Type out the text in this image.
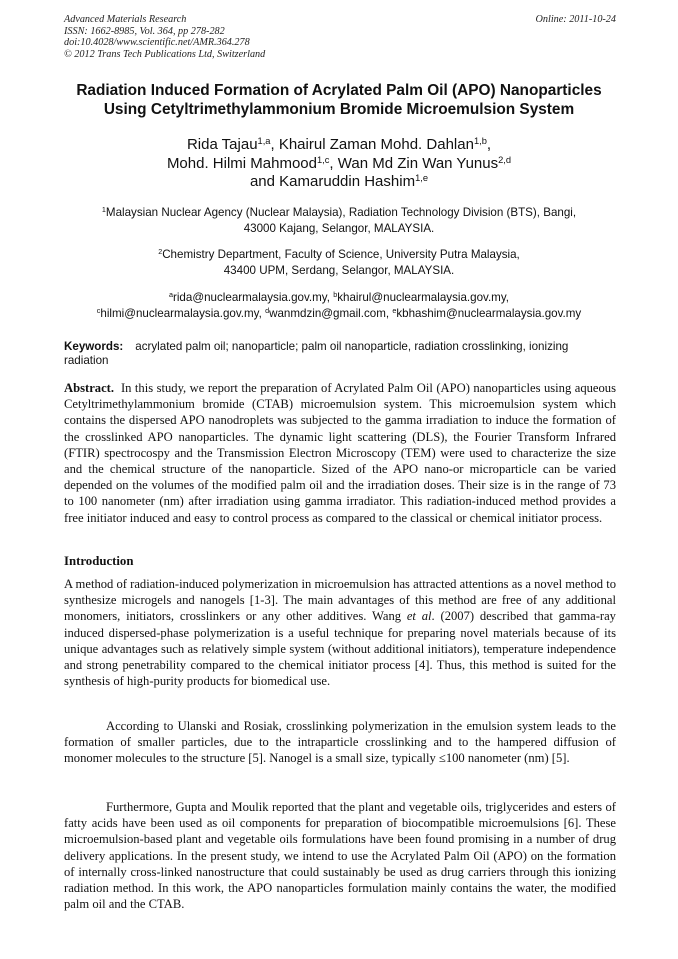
Advanced Materials Research
ISSN: 1662-8985, Vol. 364, pp 278-282
doi:10.4028/www.scientific.net/AMR.364.278
© 2012 Trans Tech Publications Ltd, Switzerland
Online: 2011-10-24
Radiation Induced Formation of Acrylated Palm Oil (APO) Nanoparticles
Using Cetyltrimethylammonium Bromide Microemulsion System
Rida Tajau$^{1,a}$, Khairul Zaman Mohd. Dahlan$^{1,b}$,
Mohd. Hilmi Mahmood$^{1,c}$, Wan Md Zin Wan Yunus$^{2,d}$
and Kamaruddin Hashim$^{1,e}$
$^1$Malaysian Nuclear Agency (Nuclear Malaysia), Radiation Technology Division (BTS), Bangi,
43000 Kajang, Selangor, MALAYSIA.
$^2$Chemistry Department, Faculty of Science, University Putra Malaysia,
43400 UPM, Serdang, Selangor, MALAYSIA.
$^a$rida@nuclearmalaysia.gov.my, $^b$khairul@nuclearmalaysia.gov.my,
$^c$hilmi@nuclearmalaysia.gov.my, $^d$wanmdzin@gmail.com, $^e$kbhashim@nuclearmalaysia.gov.my
Keywords: acrylated palm oil; nanoparticle; palm oil nanoparticle, radiation crosslinking, ionizing radiation
Abstract. In this study, we report the preparation of Acrylated Palm Oil (APO) nanoparticles using aqueous Cetyltrimethylammonium bromide (CTAB) microemulsion system. This microemulsion system which contains the dispersed APO nanodroplets was subjected to the gamma irradiation to induce the formation of the crosslinked APO nanoparticles. The dynamic light scattering (DLS), the Fourier Transform Infrared (FTIR) spectrocospy and the Transmission Electron Microscopy (TEM) were used to characterize the size and the chemical structure of the nanoparticle. Sized of the APO nano-or microparticle can be varied depended on the volumes of the modified palm oil and the irradiation doses. Their size is in the range of 73 to 100 nanometer (nm) after irradiation using gamma irradiator. This radiation-induced method provides a free initiator induced and easy to control process as compared to the classical or chemical initiator process.
Introduction
A method of radiation-induced polymerization in microemulsion has attracted attentions as a novel method to synthesize microgels and nanogels [1-3]. The main advantages of this method are free of any additional monomers, initiators, crosslinkers or any other additives. Wang et al. (2007) described that gamma-ray induced dispersed-phase polymerization is a useful technique for preparing novel materials because of its unique advantages such as relatively simple system (without additional initiators), temperature independence and strong penetrability compared to the chemical initiator process [4]. Thus, this method is suited for the synthesis of high-purity products for biomedical use.
According to Ulanski and Rosiak, crosslinking polymerization in the emulsion system leads to the formation of smaller particles, due to the intraparticle crosslinking and to the hampered diffusion of monomer molecules to the structure [5]. Nanogel is a small size, typically ≤100 nanometer (nm) [5].
Furthermore, Gupta and Moulik reported that the plant and vegetable oils, triglycerides and esters of fatty acids have been used as oil components for preparation of biocompatible microemulsions [6]. These microemulsion-based plant and vegetable oils formulations have been found promising in a number of drug delivery applications. In the present study, we intend to use the Acrylated Palm Oil (APO) on the formation of internally cross-linked nanostructure that could sustainably be used as drug carriers through this ionizing radiation method. In this work, the APO nanoparticles formulation mainly contains the water, the modified palm oil and the CTAB.
